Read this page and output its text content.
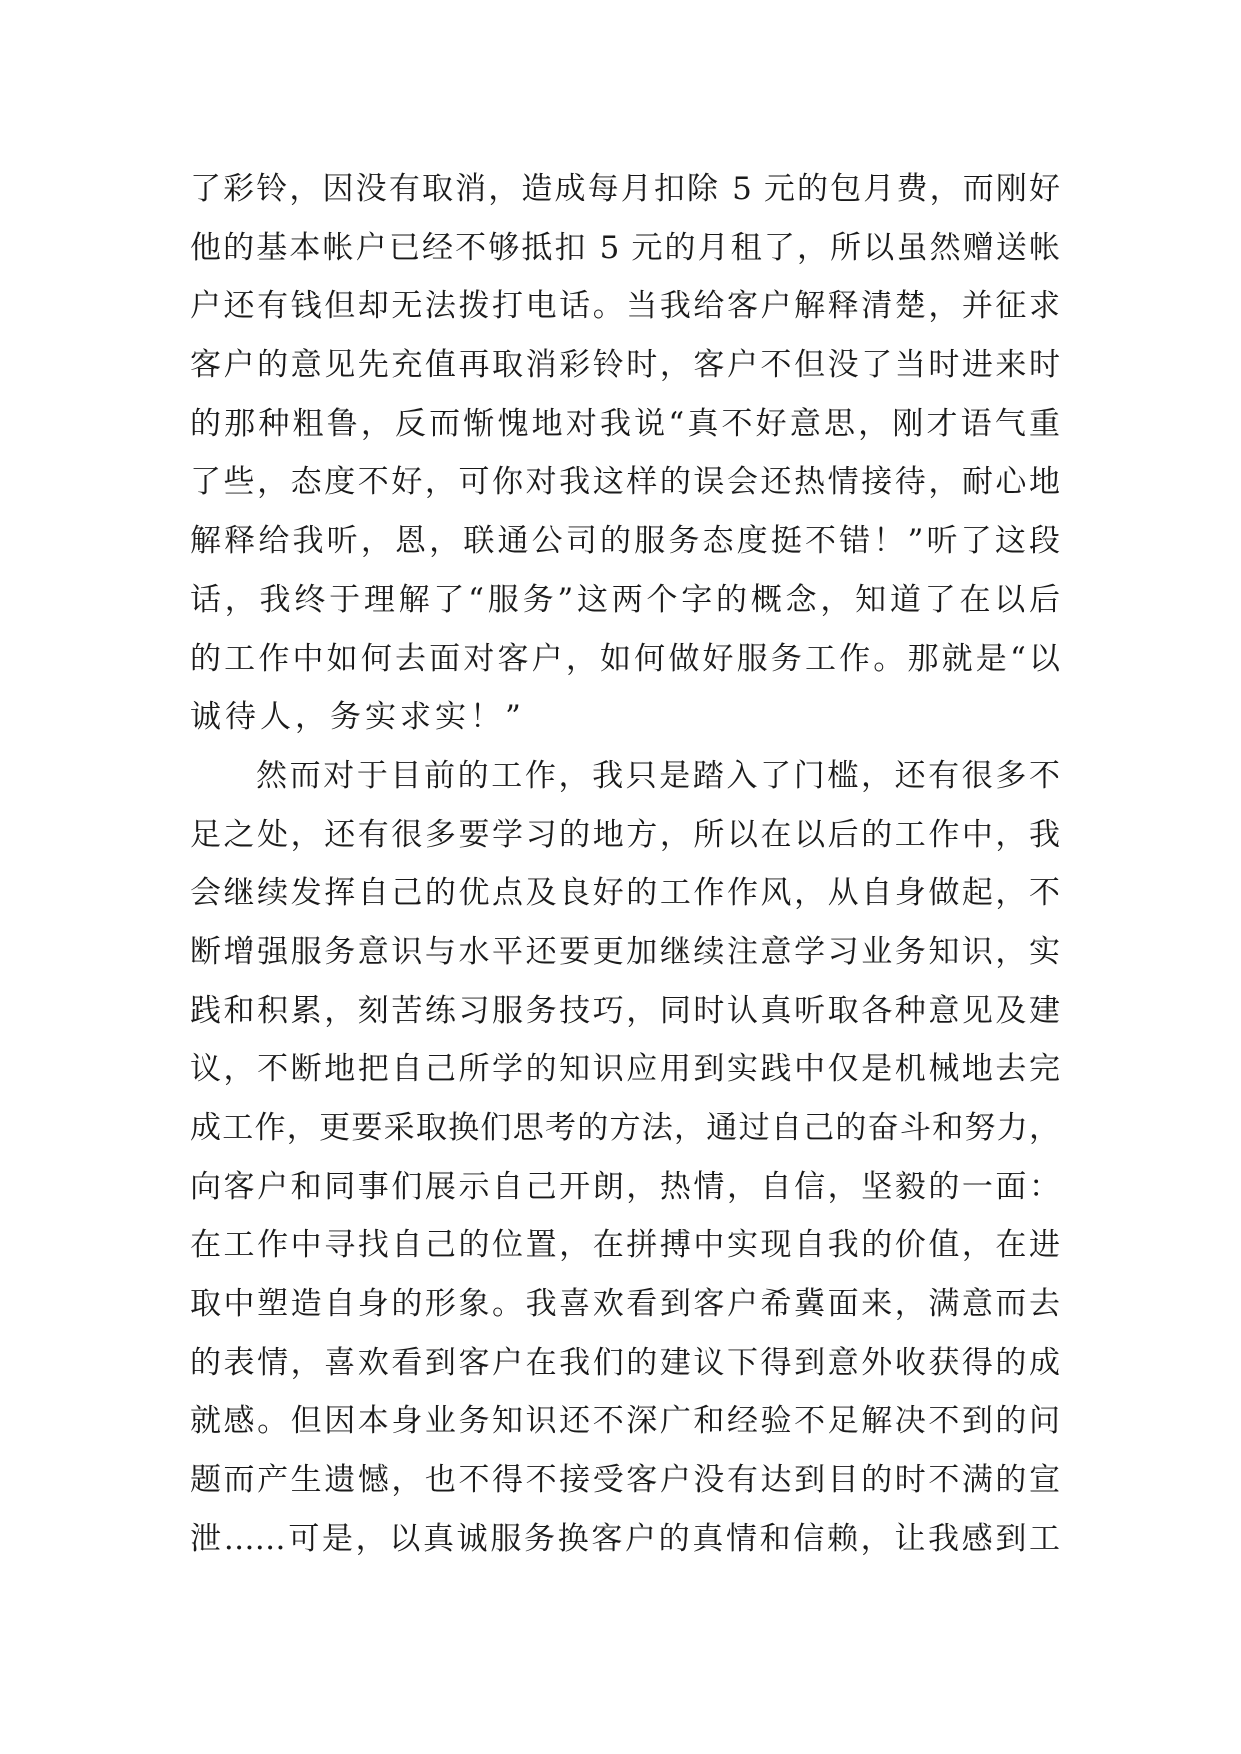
了彩铃，因没有取消，造成每月扣除 5 元的包月费，而刚好
他的基本帐户已经不够抵扣 5 元的月租了，所以虽然赠送帐
户还有钱但却无法拨打电话。当我给客户解释清楚，并征求
客户的意见先充值再取消彩铃时，客户不但没了当时进来时
的那种粗鲁，反而惭愧地对我说“真不好意思，刚才语气重
了些，态度不好，可你对我这样的误会还热情接待，耐心地
解释给我听，恩，联通公司的服务态度挺不错！”听了这段
话，我终于理解了“服务”这两个字的概念，知道了在以后
的工作中如何去面对客户，如何做好服务工作。那就是“以
诚待人，务实求实！”
然而对于目前的工作，我只是踏入了门槛，还有很多不
足之处，还有很多要学习的地方，所以在以后的工作中，我
会继续发挥自己的优点及良好的工作作风，从自身做起，不
断增强服务意识与水平还要更加继续注意学习业务知识，实
践和积累，刻苦练习服务技巧，同时认真听取各种意见及建
议，不断地把自己所学的知识应用到实践中仅是机械地去完
成工作，更要采取换们思考的方法，通过自己的奋斗和努力，
向客户和同事们展示自己开朗，热情，自信，坚毅的一面：
在工作中寻找自己的位置，在拼搏中实现自我的价值，在进
取中塑造自身的形象。我喜欢看到客户希冀面来，满意而去
的表情，喜欢看到客户在我们的建议下得到意外收获得的成
就感。但因本身业务知识还不深广和经验不足解决不到的问
题而产生遗憾，也不得不接受客户没有达到目的时不满的宣
泄……可是，以真诚服务换客户的真情和信赖，让我感到工
